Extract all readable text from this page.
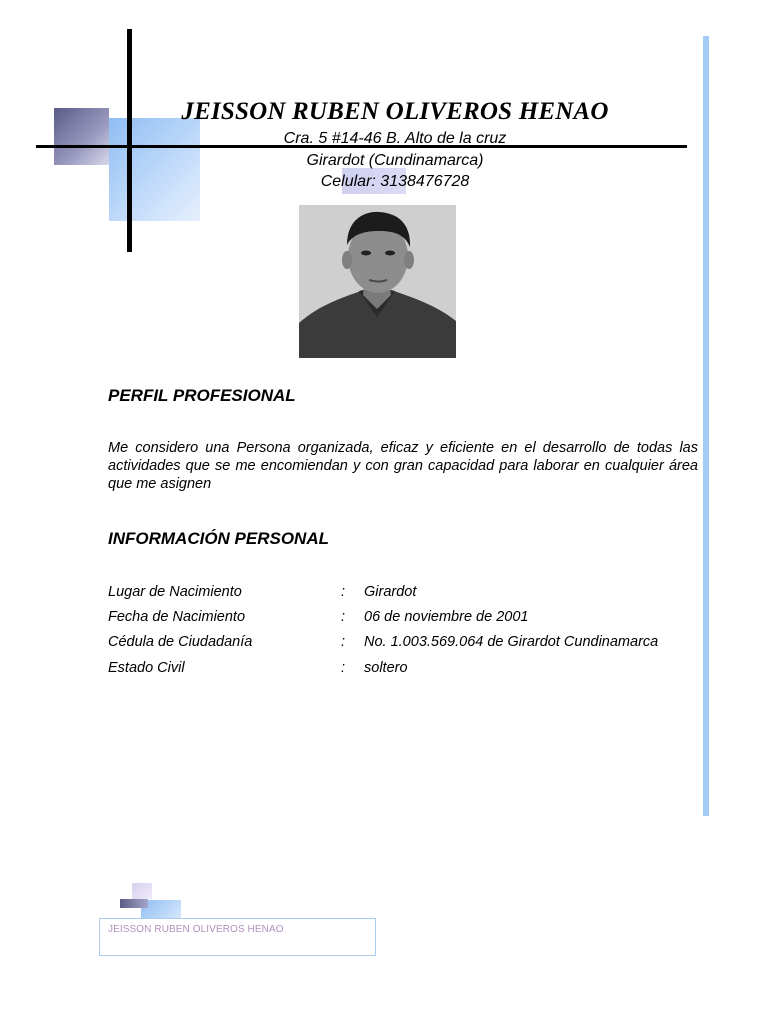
JEISSON RUBEN OLIVEROS HENAO
Cra. 5 #14-46 B. Alto de la cruz
Girardot (Cundinamarca)
Celular: 3138476728
PERFIL PROFESIONAL
Me considero una Persona organizada, eficaz y eficiente en el desarrollo de todas las actividades que se me encomiendan y con gran capacidad para laborar en cualquier área que me asignen
INFORMACIÓN PERSONAL
Lugar de Nacimiento	: Girardot
Fecha de Nacimiento	: 06 de noviembre de 2001
Cédula de Ciudadanía	: No. 1.003.569.064 de Girardot Cundinamarca
Estado Civil	: soltero
JEISSON RUBEN OLIVEROS HENAO
